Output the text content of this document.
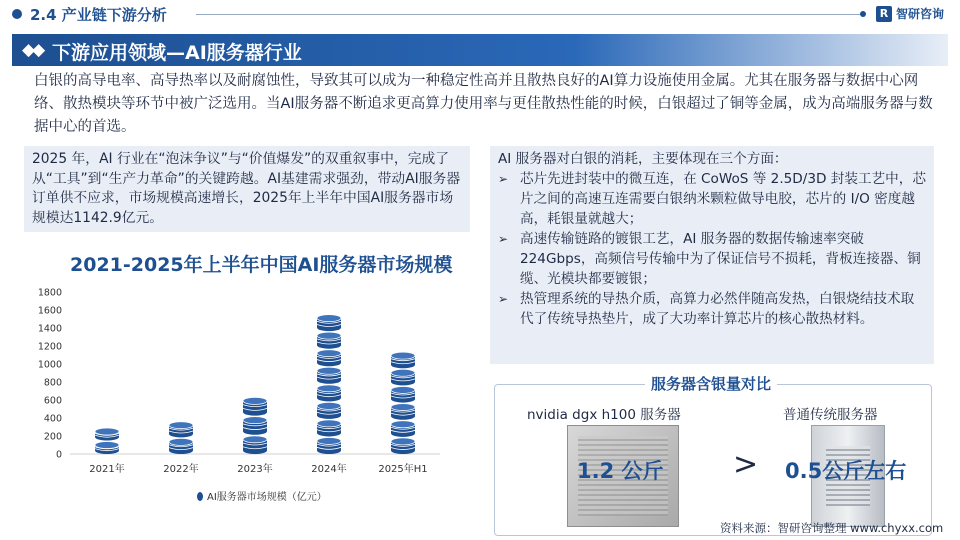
2.4 产业链下游分析	R 智研咨询
◆◆ 下游应用领域—AI服务器行业
白银的高导电率、高导热率以及耐腐蚀性，导致其可以成为一种稳定性高并且散热良好的AI算力设施使用金属。尤其在服务器与数据中心网络、散热模块等环节中被广泛选用。当AI服务器不断追求更高算力使用率与更佳散热性能的时候，白银超过了铜等金属，成为高端服务器与数据中心的首选。

2025 年，AI 行业在“泡沫争议”与“价值爆发”的双重叙事中，完成了从“工具”到“生产力革命”的关键跨越。AI基建需求强劲，带动AI服务器订单供不应求，市场规模高速增长，2025年上半年中国AI服务器市场规模达1142.9亿元。

AI 服务器对白银的消耗，主要体现在三个方面：
➢ 芯片先进封装中的微互连，在 CoWoS 等 2.5D/3D 封装工艺中，芯片之间的高速互连需要白银纳米颗粒做导电胶，芯片的 I/O 密度越高，耗银量就越大；
➢ 高速传输链路的镀银工艺，AI 服务器的数据传输速率突破 224Gbps，高频信号传输中为了保证信号不损耗，背板连接器、铜缆、光模块都要镀银；
➢ 热管理系统的导热介质，高算力必然伴随高发热，白银烧结技术取代了传统导热垫片，成了大功率计算芯片的核心散热材料。
2021-2025年上半年中国AI服务器市场规模
0
200
400
600
800
1000
1200
1400
1600
1800
2021年	2022年	2023年	2024年	2025年H1
AI服务器市场规模（亿元）
服务器含银量对比
nvidia dgx h100 服务器	普通传统服务器
1.2 公斤 > 0.5公斤左右
资料来源：智研咨询整理 www.chyxx.com
